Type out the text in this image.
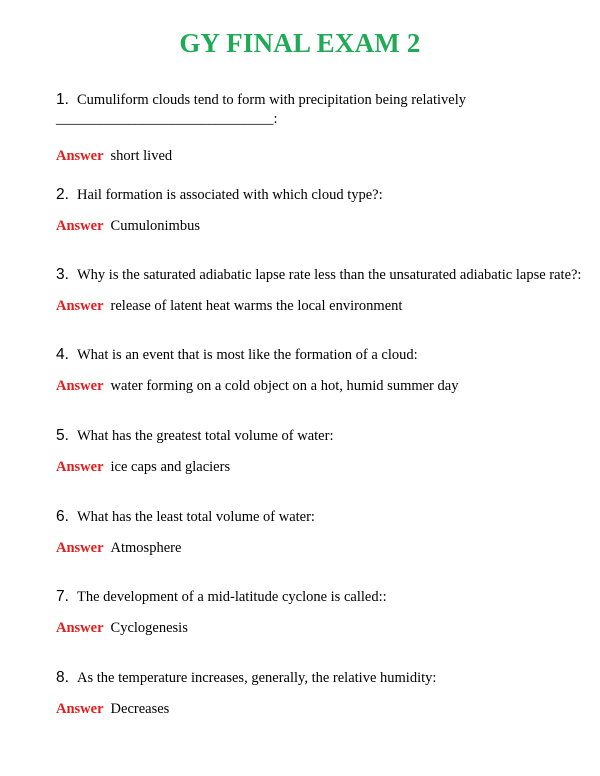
GY FINAL EXAM 2
1. Cumuliform clouds tend to form with precipitation being relatively
______________________________:
Answer short lived
2. Hail formation is associated with which cloud type?:
Answer Cumulonimbus
3. Why is the saturated adiabatic lapse rate less than the unsaturated adiabatic lapse rate?:
Answer release of latent heat warms the local environment
4. What is an event that is most like the formation of a cloud:
Answer water forming on a cold object on a hot, humid summer day
5. What has the greatest total volume of water:
Answer ice caps and glaciers
6. What has the least total volume of water:
Answer Atmosphere
7. The development of a mid-latitude cyclone is called::
Answer Cyclogenesis
8. As the temperature increases, generally, the relative humidity:
Answer Decreases
